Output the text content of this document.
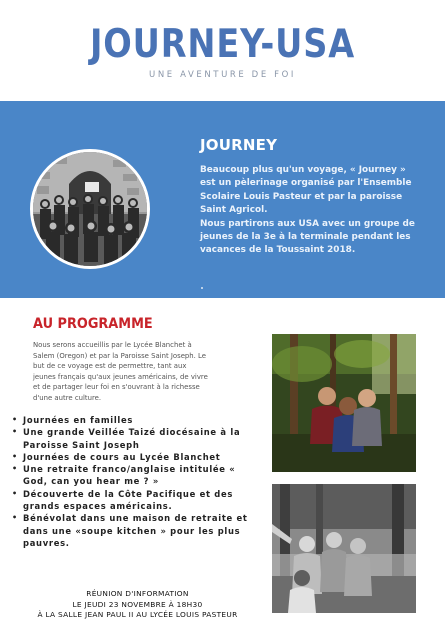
JOURNEY-USA
UNE AVENTURE DE FOI
JOURNEY

Beaucoup plus qu'un voyage, « Journey » est un pèlerinage organisé par l'Ensemble Scolaire Louis Pasteur et par la paroisse Saint Agricol.

Nous partirons aux USA avec un groupe de jeunes de la 3e à la terminale pendant les vacances de la Toussaint 2018.

AU PROGRAMME
Nous serons accueillis par le Lycée Blanchet à Salem (Oregon) et par la Paroisse Saint Joseph. Le but de ce voyage est de permettre, tant aux jeunes français qu'aux jeunes américains, de vivre et de partager leur foi en s'ouvrant à la richesse d'une autre culture.
• Journées en familles
• Une grande Veillée Taizé diocésaine à la Paroisse Saint Joseph
• Journées de cours au Lycée Blanchet
• Une retraite franco/anglaise intitulée « God, can you hear me ? »
• Découverte de la Côte Pacifique et des grands espaces américains.
• Bénévolat dans une maison de retraite et dans une «soupe kitchen » pour les plus pauvres.
RÉUNION D'INFORMATION
LE JEUDI 23 NOVEMBRE À 18H30
À LA SALLE JEAN PAUL II AU LYCÉE LOUIS PASTEUR
